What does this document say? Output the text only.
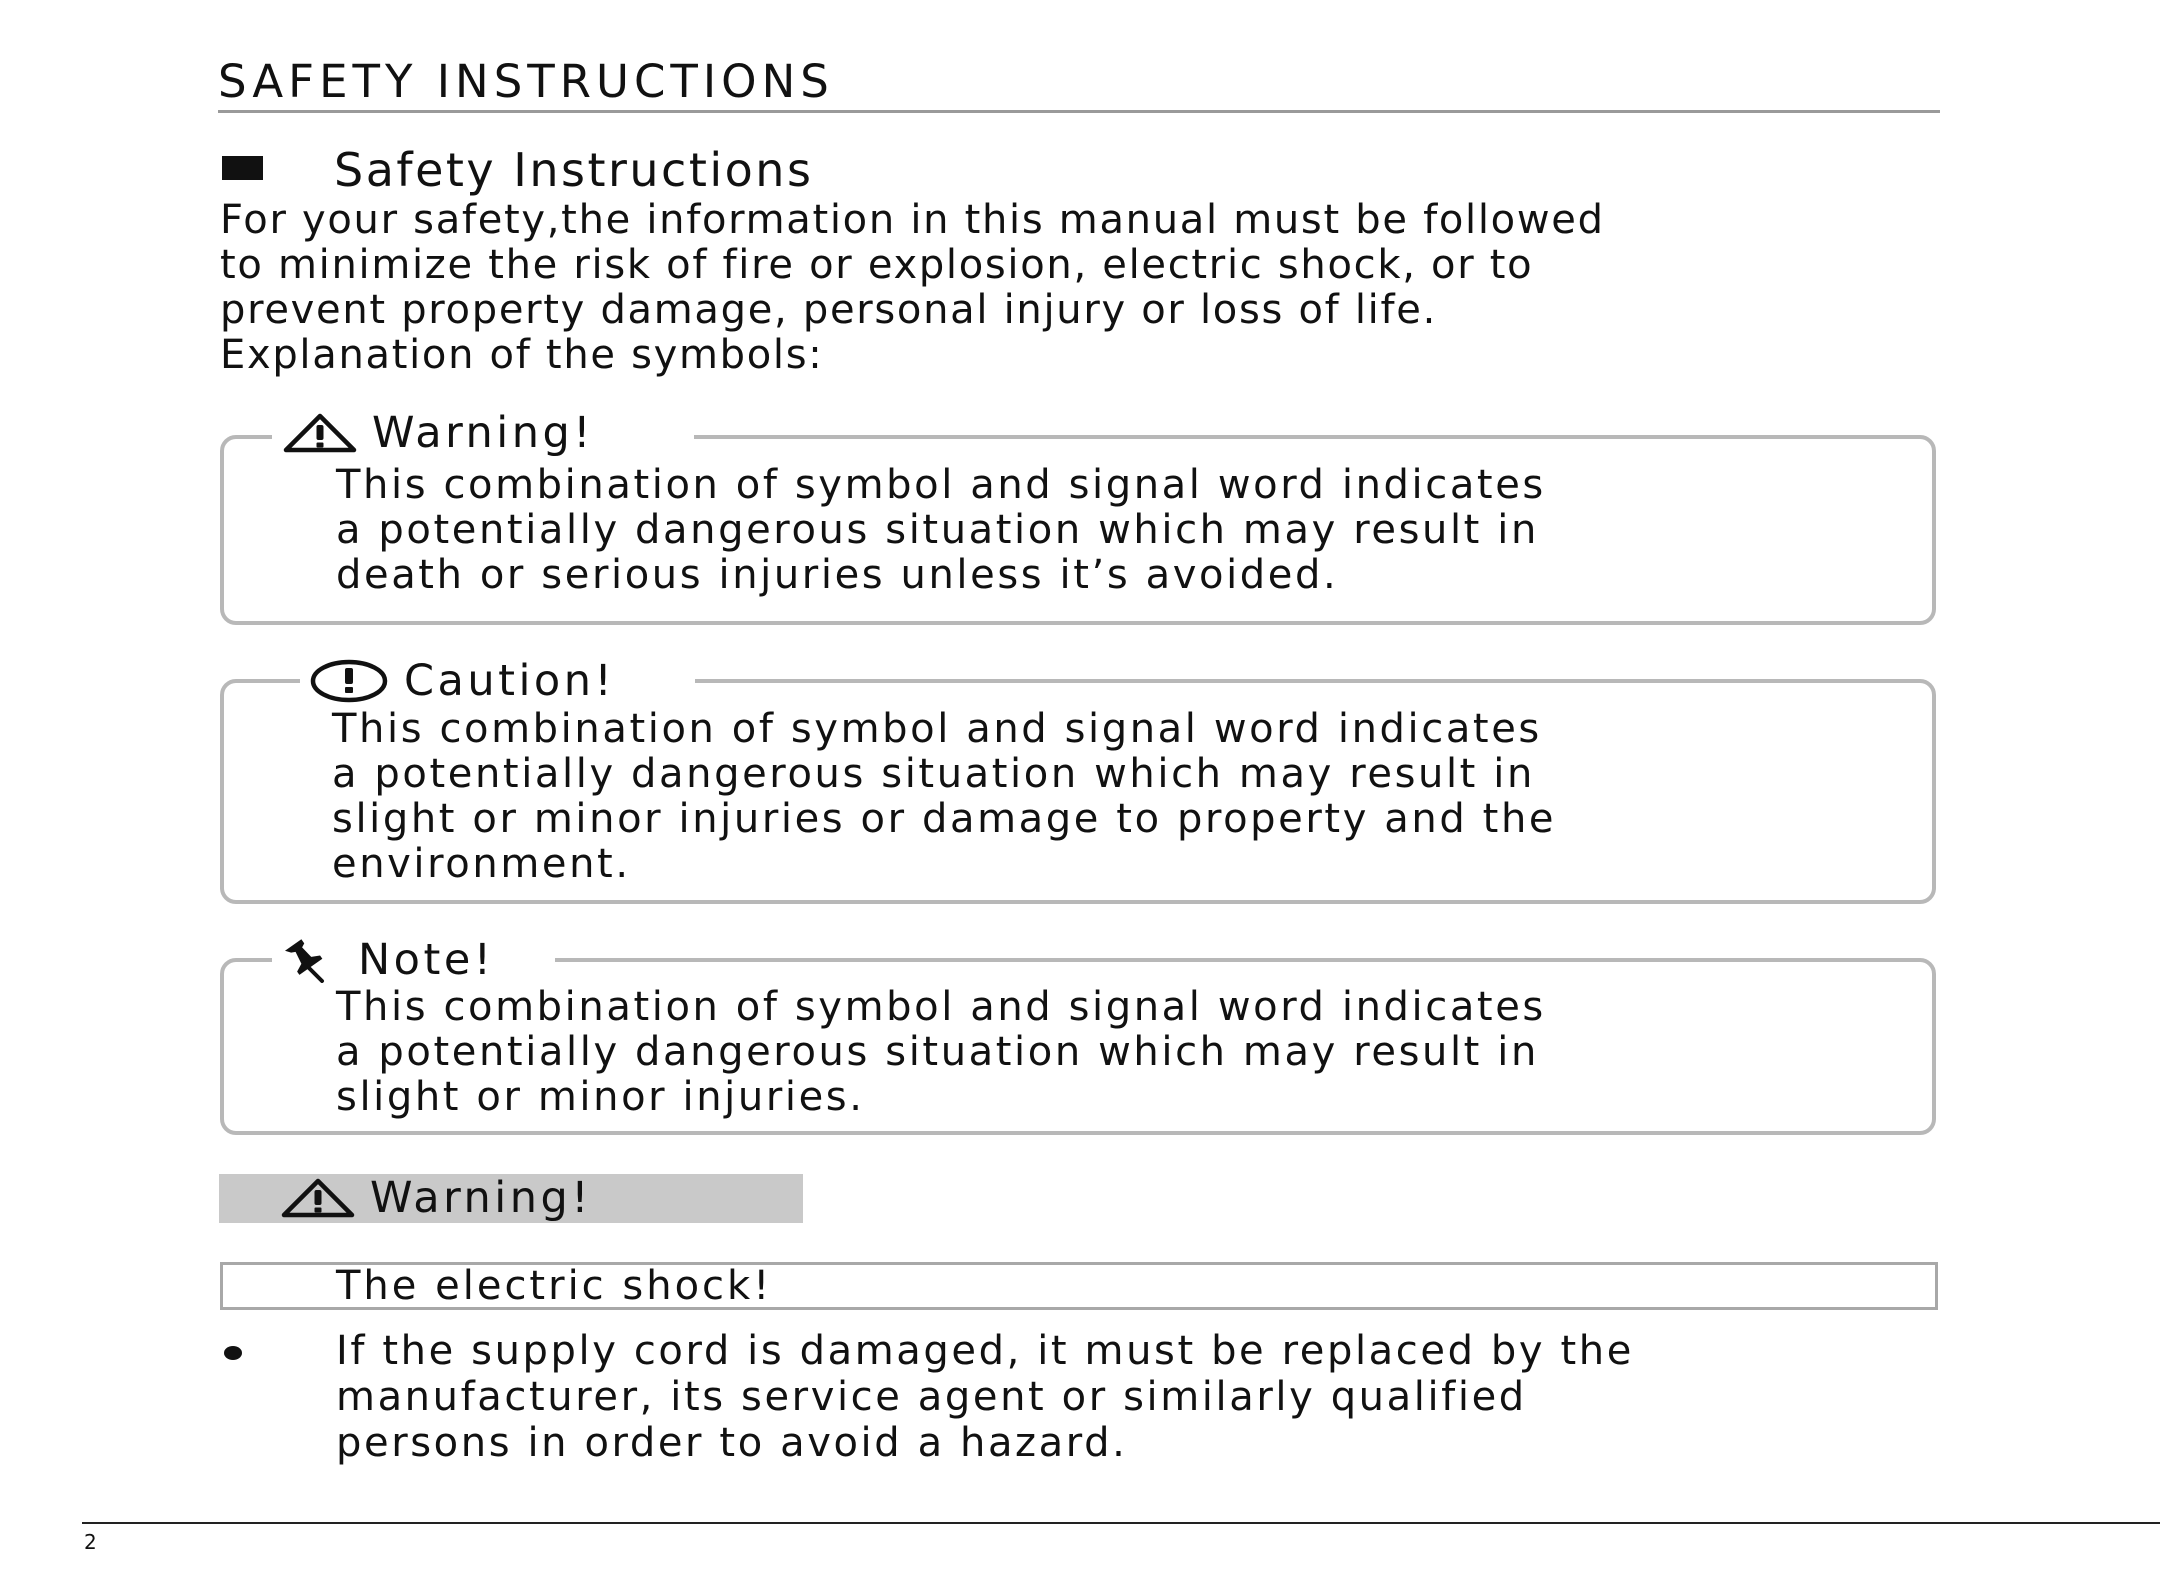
SAFETY INSTRUCTIONS
Safety Instructions
For your safety,the information in this manual must be followed
to minimize the risk of fire or explosion, electric shock, or to
prevent property damage, personal injury or loss of life.
Explanation of the symbols:
Warning!
This combination of symbol and signal word indicates
a potentially dangerous situation which may result in
death or serious injuries unless it’s avoided.
Caution!
This combination of symbol and signal word indicates
a potentially dangerous situation which may result in
slight or minor injuries or damage to property and the
environment.
Note!
This combination of symbol and signal word indicates
a potentially dangerous situation which may result in
slight or minor injuries.
Warning!
The electric shock!
If the supply cord is damaged, it must be replaced by the
manufacturer, its service agent or similarly qualified
persons in order to avoid a hazard.
2
